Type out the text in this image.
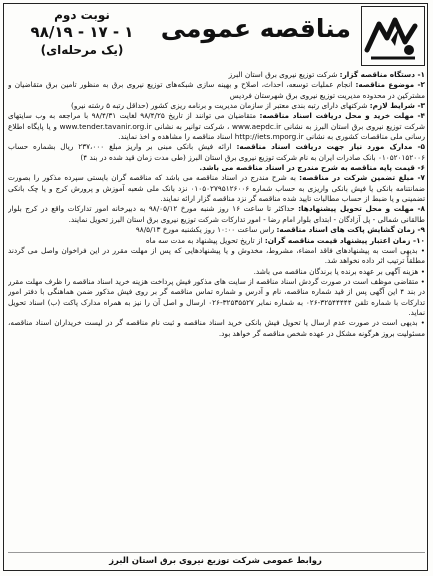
مناقصه عمومی
نوبت دوم
۹۸/۱۹ - ۱۷ - ۱
(یک مرحله‌ای)

۱- دستگاه مناقصه گزار: شرکت توزیع نیروی برق استان البرز

۲- موضوع مناقصه: انجام عملیات توسعه، احداث، اصلاح و بهینه سازی شبکه‌های توزیع نیروی برق به منظور تامین برق متقاضیان و مشترکین در محدوده مدیریت توزیع نیروی برق شهرستان فردیس

۳- شرایط لازم: شرکتهای دارای رتبه بندی معتبر از سازمان مدیریت و برنامه ریزی کشور (حداقل رتبه ۵ رشته نیرو)

۴- مهلت خرید و محل دریافت اسناد مناقصه: متقاضیان می توانند از تاریخ ۹۸/۴/۲۵ لغایت ۹۸/۴/۳۱ با مراجعه به وب سایتهای شرکت توزیع نیروی برق استان البرز به نشانی www.aepdc.ir ، شرکت توانیر به نشانی www.tender.tavanir.org.ir و یا پایگاه اطلاع رسانی ملی مناقصات کشوری به نشانی http://iets.mporg.ir اسناد مناقصه را مشاهده و اخذ نمایند.

۵- مدارک مورد نیاز جهت دریافت اسناد مناقصه: ارائه فیش بانکی مبنی بر واریز مبلغ ۲۳۷،۰۰۰ ریال بشماره حساب ۰۱۰۵۲۰۱۵۲۰۰۶ بانک صادرات ایران به نام شرکت توزیع نیروی برق استان البرز (طی مدت زمان قید شده در بند ۴)

۶- قیمت پایه مناقصه به شرح مندرج در اسناد مناقصه می باشد.

۷- مبلغ تضمین شرکت در مناقصه: به شرح مندرج در اسناد مناقصه می باشد که مناقصه گران بایستی سپرده مذکور را بصورت ضمانتنامه بانکی یا فیش بانکی واریزی به حساب شماره ۰۱۰۵۰۲۷۹۵۱۲۶۰۰۶ نزد بانک ملی شعبه آموزش و پرورش کرج و یا چک بانکی تضمینی و یا ضبط از حساب مطالبات تایید شده مناقصه گر نزد مناقصه گزار ارائه نمایند.

۸- مهلت و محل تحویل پیشنهادها: حداکثر تا ساعت ۱۶ روز شنبه مورخ ۹۸/۰۵/۱۲ به دبیرخانه امور تدارکات واقع در کرج بلوار طالقانی شمالی - پل آزادگان - ابتدای بلوار امام رضا - امور تدارکات شرکت توزیع نیروی برق استان البرز تحویل نمایند.

۹- زمان گشایش پاکت های اسناد مناقصه: راس ساعت ۱۰:۰۰ روز یکشنبه مورخ ۹۸/۵/۱۳

۱۰- زمان اعتبار پیشنهاد قیمت مناقصه گران: از تاریخ تحویل پیشنهاد به مدت سه ماه

• بدیهی است به پیشنهادهای فاقد امضاء، مشروط، مخدوش و یا پیشنهادهایی که پس از مهلت مقرر در این فراخوان واصل می گردند مطلقاً ترتیب اثر داده نخواهد شد.

• هزینه آگهی بر عهده برنده یا برندگان مناقصه می باشد.

• متقاضی موظف است در صورت گردش اسناد مناقصه از سایت های مذکور فیش پرداخت هزینه خرید اسناد مناقصه را ظرف مهلت مقرر در بند ۴ این آگهی پس از قید شماره مناقصه، نام و آدرس و شماره تماس مناقصه گر بر روی فیش مذکور ضمن هماهنگی با دفتر امور تدارکات با شماره تلفن ۳۲۵۴۴۴۴۴-۰۲۶ به شماره نمابر ۳۲۵۳۵۵۲۷-۰۲۶ ارسال و اصل آن را نیز به همراه مدارک پاکت (ب) اسناد تحویل نماید.

• بدیهی است در صورت عدم ارسال یا تحویل فیش بانکی خرید اسناد مناقصه و ثبت نام مناقصه گر در لیست خریداران اسناد مناقصه، مسئولیت بروز هرگونه مشکل در عهده شخص مناقصه گر خواهد بود.

روابط عمومی شرکت توزیع نیروی برق استان البرز
